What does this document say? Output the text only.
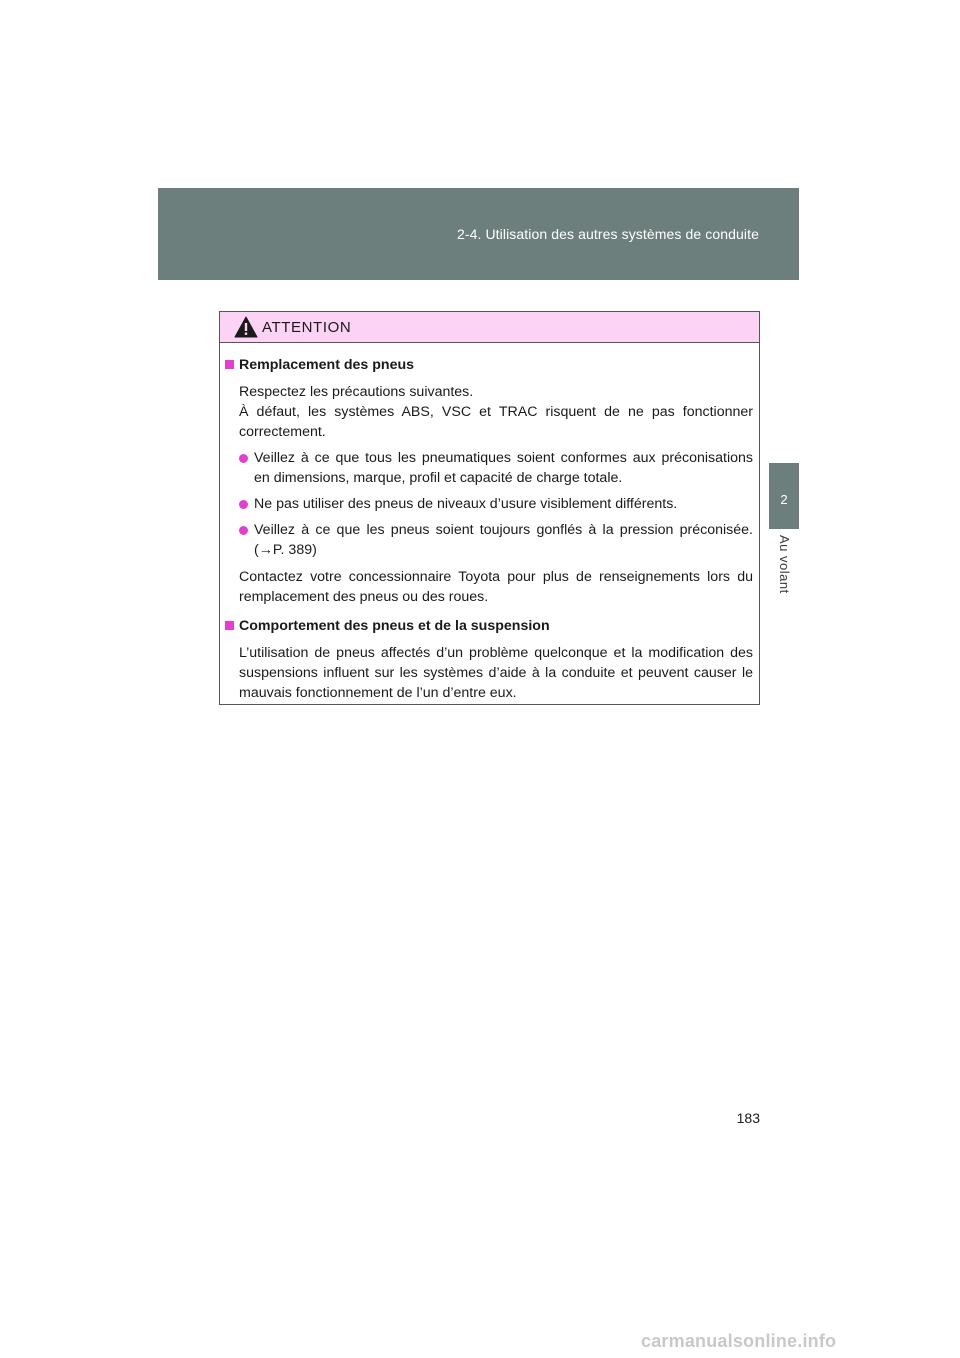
2-4. Utilisation des autres systèmes de conduite
2
Au volant
ATTENTION
Remplacement des pneus
Respectez les précautions suivantes.
À défaut, les systèmes ABS, VSC et TRAC risquent de ne pas fonctionner correctement.
Veillez à ce que tous les pneumatiques soient conformes aux préconisations en dimensions, marque, profil et capacité de charge totale.
Ne pas utiliser des pneus de niveaux d’usure visiblement différents.
Veillez à ce que les pneus soient toujours gonflés à la pression préconisée. (→P. 389)
Contactez votre concessionnaire Toyota pour plus de renseignements lors du remplacement des pneus ou des roues.
Comportement des pneus et de la suspension
L’utilisation de pneus affectés d’un problème quelconque et la modification des suspensions influent sur les systèmes d’aide à la conduite et peuvent causer le mauvais fonctionnement de l’un d’entre eux.
183
carmanualsonline.info
